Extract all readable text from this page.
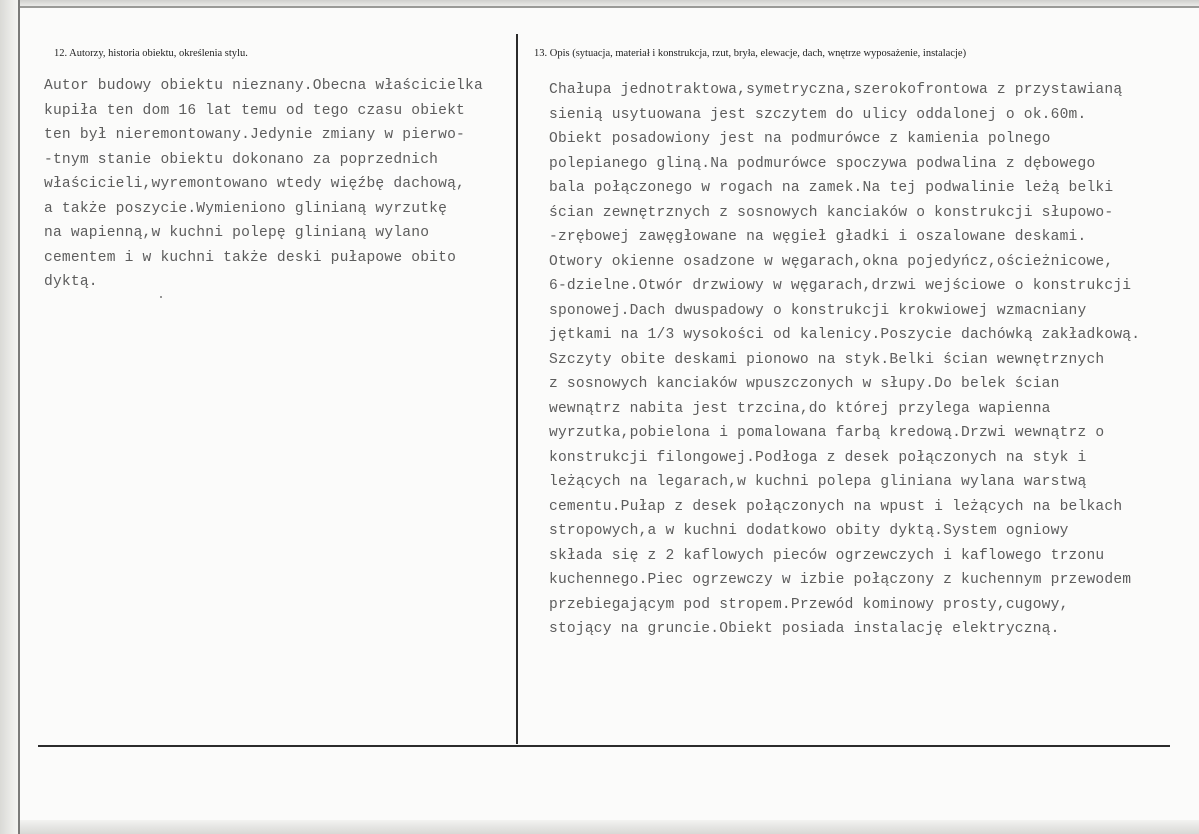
12. Autorzy, historia obiektu, określenia stylu.	13. Opis (sytuacja, materiał i konstrukcja, rzut, bryła, elewacje, dach, wnętrze wyposażenie, instalacje)
Autor budowy obiektu nieznany.Obecna właścicielka
kupiła ten dom 16 lat temu od tego czasu obiekt
ten był nieremontowany.Jedynie zmiany w pierwo-
-tnym stanie obiektu dokonano za poprzednich
właścicieli,wyremontowano wtedy więźbę dachową,
a także poszycie.Wymieniono glinianą wyrzutkę
na wapienną,w kuchni polepę glinianą wylano
cementem i w kuchni także deski pułapowe obito
dyktą.
Chałupa jednotraktowa,symetryczna,szerokofrontowa z przystawianą
sienią usytuowana jest szczytem do ulicy oddalonej o ok.60m.
Obiekt posadowiony jest na podmurówce z kamienia polnego
polepianego gliną.Na podmurówce spoczywa podwalina z dębowego
bala połączonego w rogach na zamek.Na tej podwalinie leżą belki
ścian zewnętrznych z sosnowych kanciaków o konstrukcji słupowo-
-zrębowej zawęgłowane na węgieł gładki i oszalowane deskami.
Otwory okienne osadzone w węgarach,okna pojedyńcz,ościeżnicowe,
6-dzielne.Otwór drzwiowy w węgarach,drzwi wejściowe o konstrukcji
sponowej.Dach dwuspadowy o konstrukcji krokwiowej wzmacniany
jętkami na 1/3 wysokości od kalenicy.Poszycie dachówką zakładkową.
Szczyty obite deskami pionowo na styk.Belki ścian wewnętrznych
z sosnowych kanciaków wpuszczonych w słupy.Do belek ścian
wewnątrz nabita jest trzcina,do której przylega wapienna
wyrzutka,pobielona i pomalowana farbą kredową.Drzwi wewnątrz o
konstrukcji filongowej.Podłoga z desek połączonych na styk i
leżących na legarach,w kuchni polepa gliniana wylana warstwą
cementu.Pułap z desek połączonych na wpust i leżących na belkach
stropowych,a w kuchni dodatkowo obity dyktą.System ogniowy
składa się z 2 kaflowych pieców ogrzewczych i kaflowego trzonu
kuchennego.Piec ogrzewczy w izbie połączony z kuchennym przewodem
przebiegającym pod stropem.Przewód kominowy prosty,cugowy,
stojący na gruncie.Obiekt posiada instalację elektryczną.
